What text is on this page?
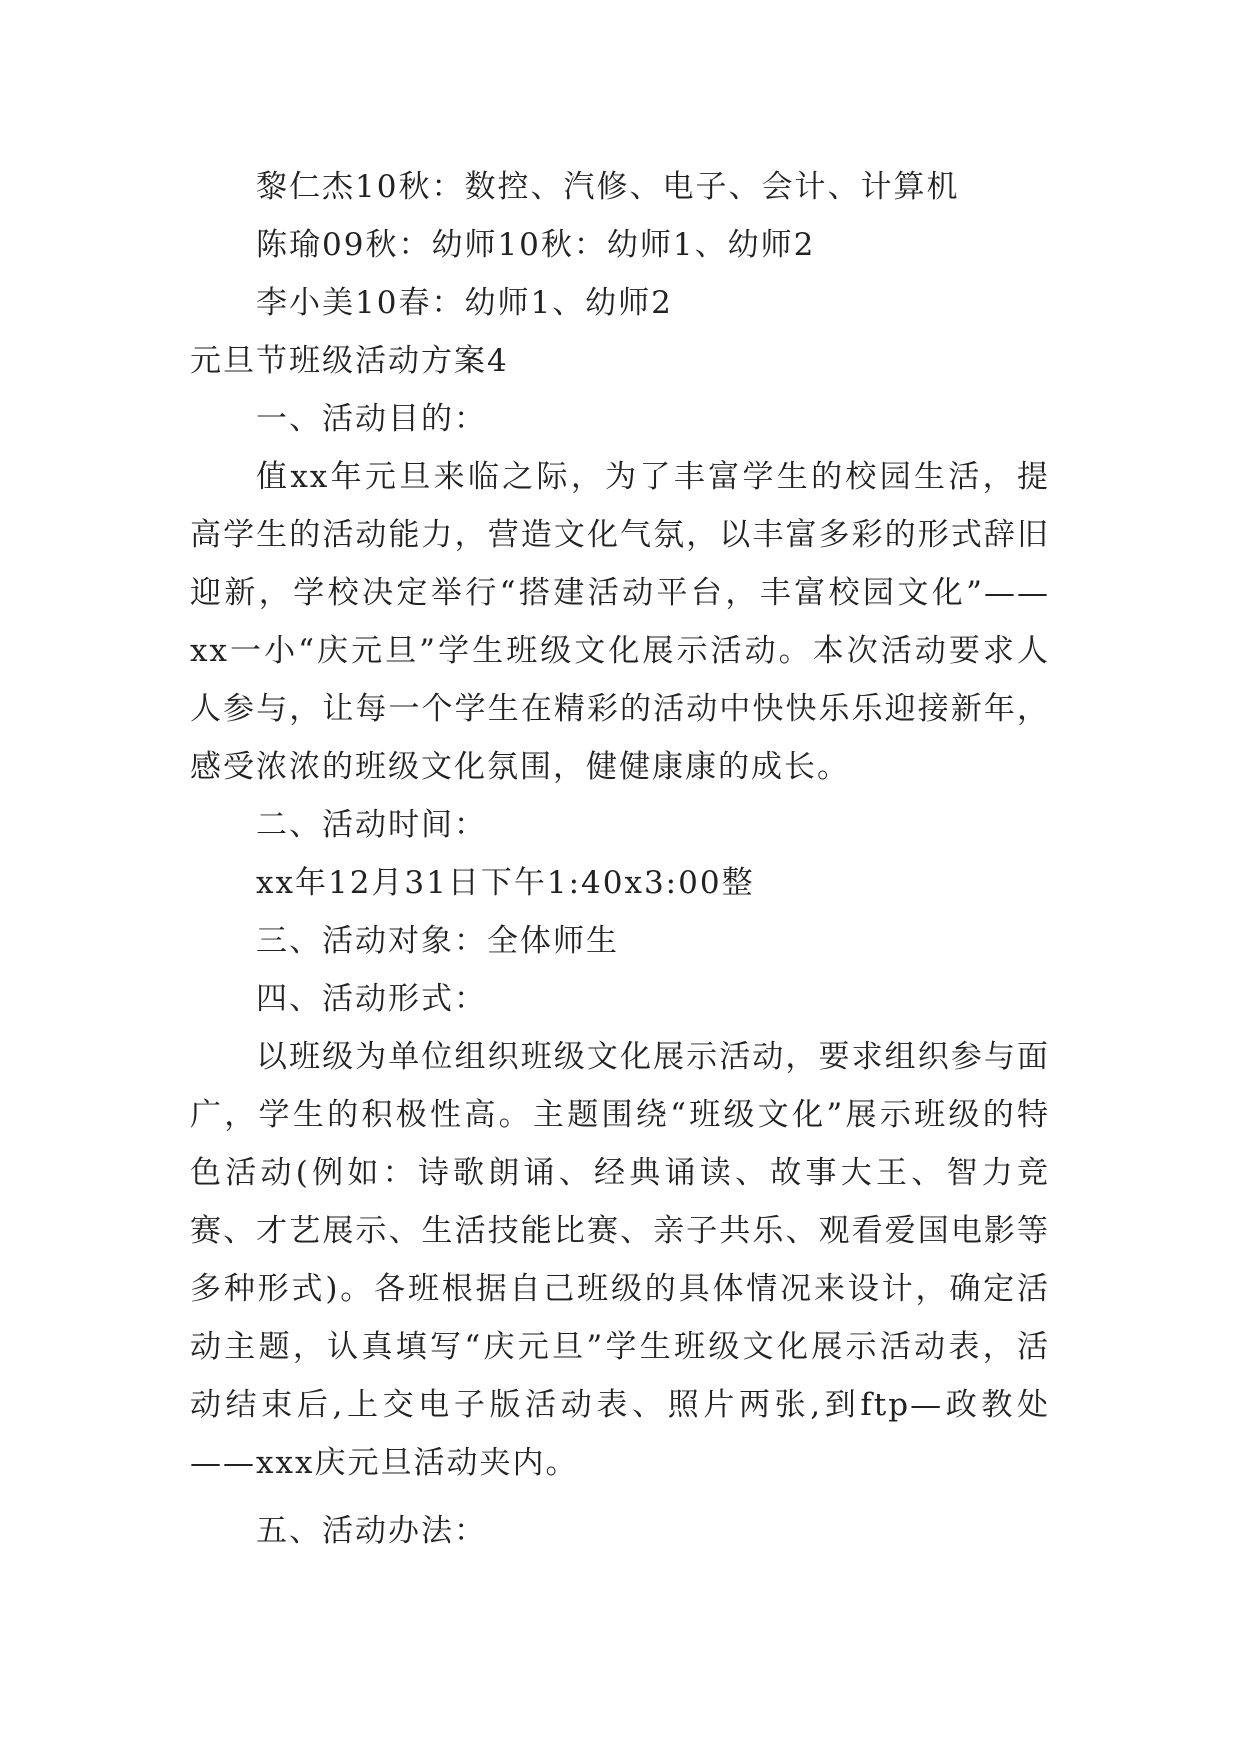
黎仁杰10秋：数控、汽修、电子、会计、计算机

陈瑜09秋：幼师10秋：幼师1、幼师2

李小美10春：幼师1、幼师2

元旦节班级活动方案4

一、活动目的：

值xx年元旦来临之际，为了丰富学生的校园生活，提高学生的活动能力，营造文化气氛，以丰富多彩的形式辞旧迎新，学校决定举行“搭建活动平台，丰富校园文化”——xx一小“庆元旦”学生班级文化展示活动。本次活动要求人人参与，让每一个学生在精彩的活动中快快乐乐迎接新年，感受浓浓的班级文化氛围，健健康康的成长。

二、活动时间：

xx年12月31日下午1:40x3:00整

三、活动对象：全体师生

四、活动形式：

以班级为单位组织班级文化展示活动，要求组织参与面广，学生的积极性高。主题围绕“班级文化”展示班级的特色活动(例如：诗歌朗诵、经典诵读、故事大王、智力竞赛、才艺展示、生活技能比赛、亲子共乐、观看爱国电影等多种形式)。各班根据自己班级的具体情况来设计，确定活动主题，认真填写“庆元旦”学生班级文化展示活动表，活动结束后,上交电子版活动表、照片两张,到ftp—政教处——xxx庆元旦活动夹内。

五、活动办法：
